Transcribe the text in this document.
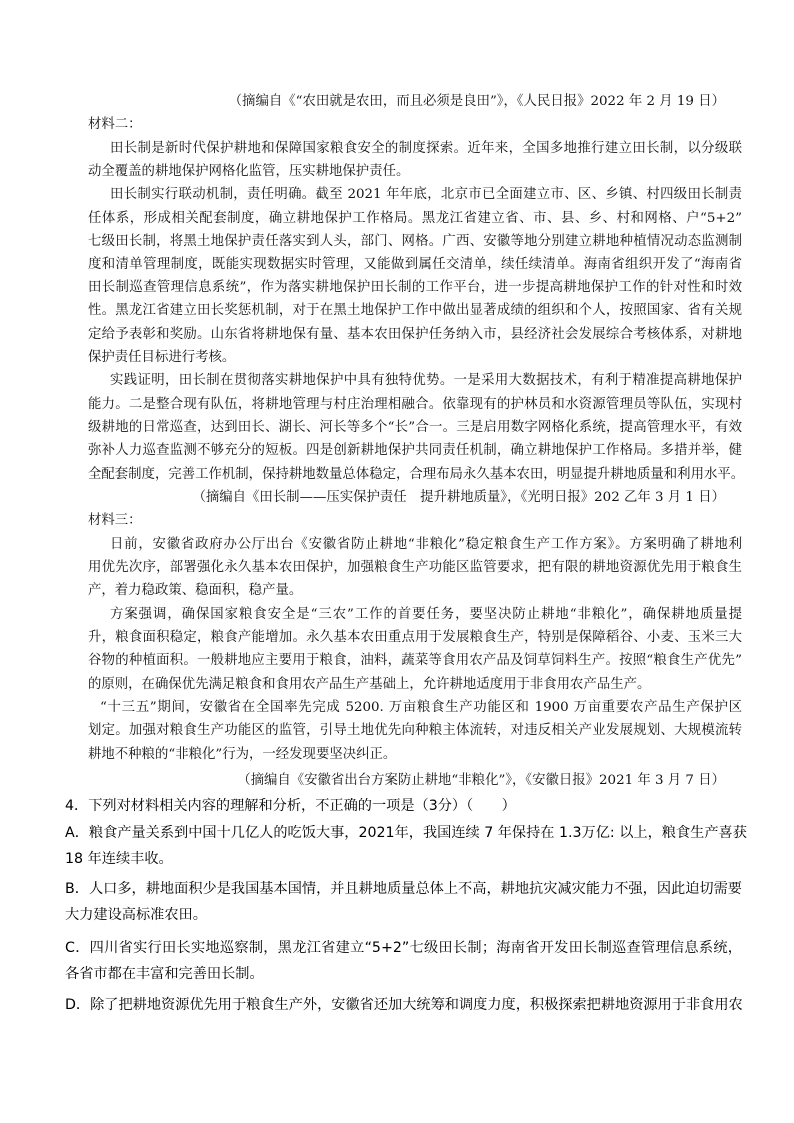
（摘编自《“农田就是农田，而且必须是良田”》，《人民日报》2022 年 2 月 19 日）
材料二：
田长制是新时代保护耕地和保障国家粮食安全的制度探索。近年来，全国多地推行建立田长制，以分级联
动全覆盖的耕地保护网格化监管，压实耕地保护责任。
田长制实行联动机制，责任明确。截至 2021 年年底，北京市已全面建立市、区、乡镇、村四级田长制责
任体系，形成相关配套制度，确立耕地保护工作格局。黑龙江省建立省、市、县、乡、村和网格、户“5+2”
七级田长制，将黑土地保护责任落实到人头，部门、网格。广西、安徽等地分别建立耕地种植情况动态监测制
度和清单管理制度，既能实现数据实时管理，又能做到属任交清单，续任续清单。海南省组织开发了“海南省
田长制巡查管理信息系统”，作为落实耕地保护田长制的工作平台，进一步提高耕地保护工作的针对性和时效
性。黑龙江省建立田长奖惩机制，对于在黑土地保护工作中做出显著成绩的组织和个人，按照国家、省有关规
定给予表彰和奖励。山东省将耕地保有量、基本农田保护任务纳入市，县经济社会发展综合考核体系，对耕地
保护责任目标进行考核。
实践证明，田长制在贯彻落实耕地保护中具有独特优势。一是采用大数据技术，有利于精准提高耕地保护
能力。二是整合现有队伍，将耕地管理与村庄治理相融合。依靠现有的护林员和水资源管理员等队伍，实现村
级耕地的日常巡查，达到田长、湖长、河长等多个“长”合一。三是启用数字网格化系统，提高管理水平，有效
弥补人力巡查监测不够充分的短板。四是创新耕地保护共同责任机制，确立耕地保护工作格局。多措并举，健
全配套制度，完善工作机制，保持耕地数量总体稳定，合理布局永久基本农田，明显提升耕地质量和利用水平。
（摘编自《田长制——压实保护责任　提升耕地质量》，《光明日报》202 乙年 3 月 1 日）
材料三：
日前，安徽省政府办公厅出台《安徽省防止耕地“非粮化”稳定粮食生产工作方案》。方案明确了耕地利
用优先次序，部署强化永久基本农田保护，加强粮食生产功能区监管要求，把有限的耕地资源优先用于粮食生
产，着力稳政策、稳面积，稳产量。
方案强调，确保国家粮食安全是“三农”工作的首要任务，要坚决防止耕地“非粮化”，确保耕地质量提
升，粮食面积稳定，粮食产能增加。永久基本农田重点用于发展粮食生产，特别是保障稻谷、小麦、玉米三大
谷物的种植面积。一般耕地应主要用于粮食，油料，蔬菜等食用农产品及饲草饲料生产。按照“粮食生产优先”
的原则，在确保优先满足粮食和食用农产品生产基础上，允许耕地适度用于非食用农产品生产。
“十三五”期间，安徽省在全国率先完成 5200. 万亩粮食生产功能区和 1900 万亩重要农产品生产保护区
划定。加强对粮食生产功能区的监管，引导土地优先向种粮主体流转，对违反相关产业发展规划、大规模流转
耕地不种粮的“非粮化”行为，一经发现要坚决纠正。
（摘编自《安徽省出台方案防止耕地“非粮化”》，《安徽日报》2021 年 3 月 7 日）
4．下列对材料相关内容的理解和分析，不正确的一项是（3分）（　　）
A．粮食产量关系到中国十几亿人的吃饭大事，2021年，我国连续 7 年保持在 1.3万亿: 以上，粮食生产喜获
18 年连续丰收。
B．人口多，耕地面积少是我国基本国情，并且耕地质量总体上不高，耕地抗灾减灾能力不强，因此迫切需要
大力建设高标准农田。
C．四川省实行田长实地巡察制，黑龙江省建立“5+2”七级田长制；海南省开发田长制巡查管理信息系统，
各省市都在丰富和完善田长制。
D．除了把耕地资源优先用于粮食生产外，安徽省还加大统筹和调度力度，积极探索把耕地资源用于非食用农
